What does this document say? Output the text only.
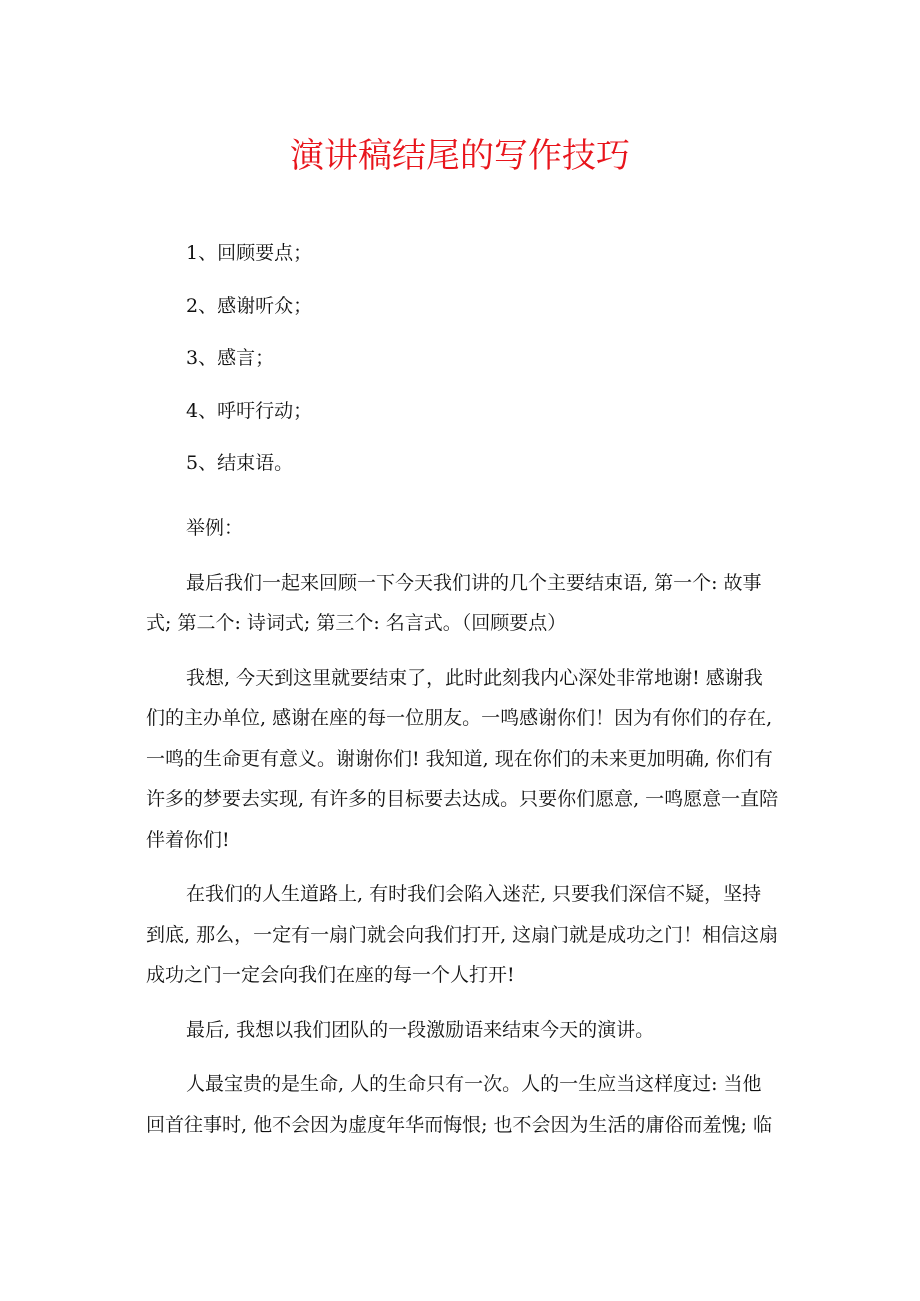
演讲稿结尾的写作技巧
1、回顾要点；
2、感谢听众；
3、感言；
4、呼吁行动；
5、结束语。

举例：

最后我们一起来回顾一下今天我们讲的几个主要结束语, 第一个: 故事
式; 第二个: 诗词式; 第三个: 名言式。（回顾要点）

我想, 今天到这里就要结束了，此时此刻我内心深处非常地谢! 感谢我
们的主办单位, 感谢在座的每一位朋友。一鸣感谢你们！因为有你们的存在,
一鸣的生命更有意义。谢谢你们! 我知道, 现在你们的未来更加明确, 你们有
许多的梦要去实现, 有许多的目标要去达成。只要你们愿意, 一鸣愿意一直陪
伴着你们!

在我们的人生道路上, 有时我们会陷入迷茫, 只要我们深信不疑，坚持
到底, 那么，一定有一扇门就会向我们打开, 这扇门就是成功之门！相信这扇
成功之门一定会向我们在座的每一个人打开!

最后, 我想以我们团队的一段激励语来结束今天的演讲。

人最宝贵的是生命, 人的生命只有一次。人的一生应当这样度过: 当他
回首往事时, 他不会因为虚度年华而悔恨; 也不会因为生活的庸俗而羞愧; 临
